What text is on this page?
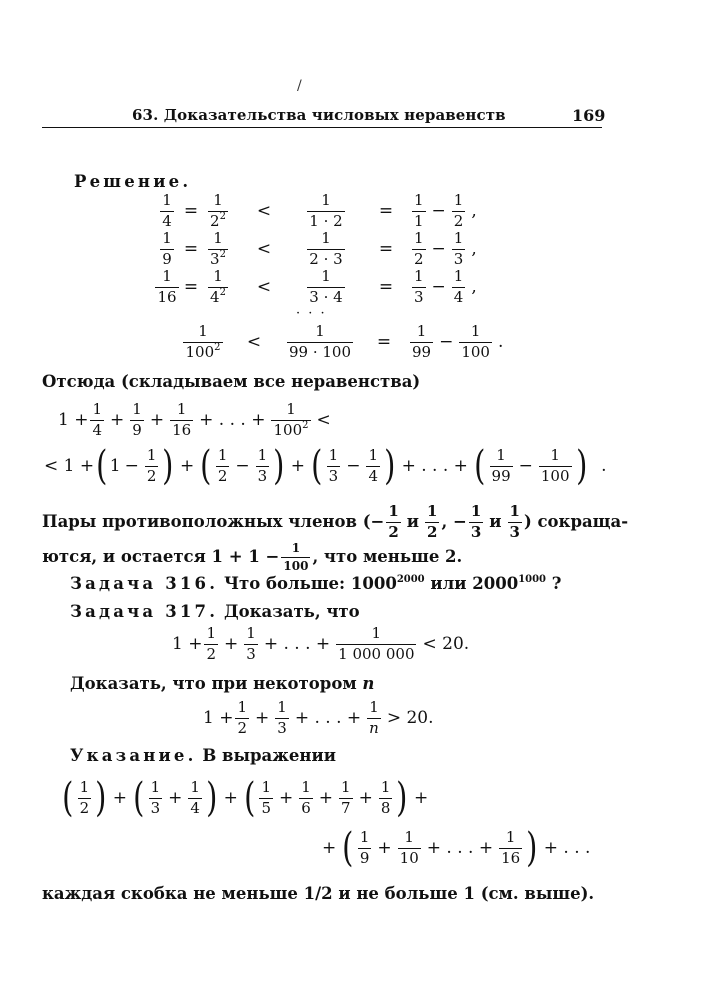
/
63. Доказательства числовых неравенств	169
Решение.
1
4 =
1
$2^2$	<
1
1 · 2	=	$\frac{1}{1} - \frac{1}{2}$ ,
1
9 =
1
$3^2$	<
1
2 · 3	=	$\frac{1}{2} - \frac{1}{3}$ ,
1
16 =
1
$4^2$	<
1
3 · 4	=	$\frac{1}{3} - \frac{1}{4}$ ,
· · ·
1
$100^2$	<
1
99 · 100	=	$\frac{1}{99} - \frac{1}{100}$ .
Отсюда (складываем все неравенства)
$1 + \frac{1}{4} + \frac{1}{9} + \frac{1}{16}$ + . . . + $\frac{1}{100^2}$ <
< 1 + ( $1 - \frac{1}{2}$ ) + ( 1
$2 - \frac{1}{3}$ ) + ( 1
$3 - \frac{1}{4}$ ) + . . . + ( 1
$99 - \frac{1}{100}$ ) .
Пары противоположных членов (− $\frac{1}{2}$ и
1
2
, − $\frac{1}{3}$ и
1
3
) сокраща-
ются, и остается $1 + 1 - \frac{1}{100}$ , что меньше 2.
Задача 316. Что больше: $1000^{2000}$ или $2000^{1000}$ ?
Задача 317. Доказать, что
$1 + \frac{1}{2} + \frac{1}{3}$ + . . . + $\frac{1}{1 000 000} < 20$.
Доказать, что при некотором n
$1 + \frac{1}{2} + \frac{1}{3}$ + . . . + $\frac{1}{n} > 20$.
Указание. В выражении
( 1
2 ) + ( 1
$3 + \frac{1}{4}$ ) + ( 1
$5 + \frac{1}{6} + \frac{1}{7} + \frac{1}{8}$ ) +
+ ( 1
$9 + \frac{1}{10}$ + . . . + $\frac{1}{16}$ ) + . . .
каждая скобка не меньше 1/2 и не больше 1 (см. выше).
